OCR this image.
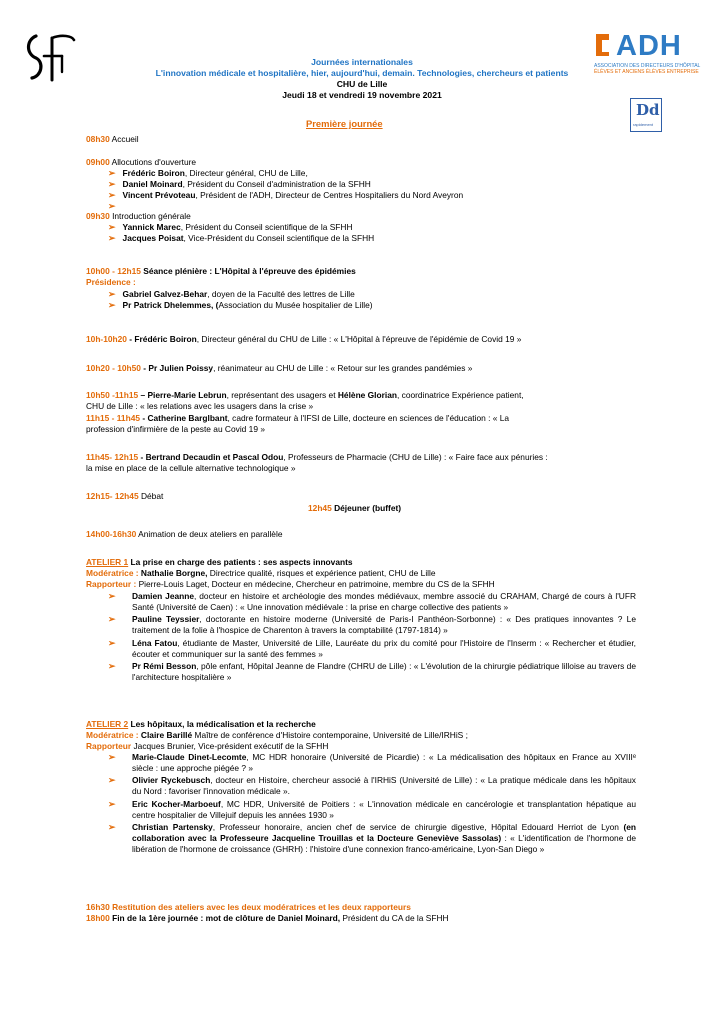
ADH
ASSOCIATION DES DIRECTEURS D'HÔPITAL
ÉLÈVES ET ANCIENS ÉLÈVES ENTREPRISE
Dd
rapidement
Journées internationales
L'innovation médicale et hospitalière, hier, aujourd'hui, demain. Technologies, chercheurs et patients
CHU de Lille
Jeudi 18 et vendredi 19 novembre 2021
Première journée
08h30 Accueil
09h00 Allocutions d'ouverture
➢ Frédéric Boiron, Directeur général, CHU de Lille,
➢ Daniel Moinard, Président du Conseil d'administration de la SFHH
➢ Vincent Prévoteau, Président de l'ADH, Directeur de Centres Hospitaliers du Nord Aveyron
➢
09h30 Introduction générale
➢ Yannick Marec, Président du Conseil scientifique de la SFHH
➢ Jacques Poisat, Vice-Président du Conseil scientifique de la SFHH
10h00 - 12h15 Séance plénière : L'Hôpital à l'épreuve des épidémies
Présidence :
➢ Gabriel Galvez-Behar, doyen de la Faculté des lettres de Lille
➢ Pr Patrick Dhelemmes, (Association du Musée hospitalier de Lille)
10h-10h20 - Frédéric Boiron, Directeur général du CHU de Lille : « L'Hôpital à l'épreuve de l'épidémie de Covid 19 »
10h20 - 10h50 - Pr Julien Poissy, réanimateur au CHU de Lille : « Retour sur les grandes pandémies »
10h50 -11h15 – Pierre-Marie Lebrun, représentant des usagers et Hélène Glorian, coordinatrice Expérience patient,
CHU de Lille : « les relations avec les usagers dans la crise »
11h15 - 11h45 - Catherine Barglbant, cadre formateur à l'IFSI de Lille, docteure en sciences de l'éducation : « La
profession d'infirmière de la peste au Covid 19 »
11h45- 12h15 - Bertrand Decaudin et Pascal Odou, Professeurs de Pharmacie (CHU de Lille) : « Faire face aux pénuries :
la mise en place de la cellule alternative technologique »
12h15- 12h45 Débat
12h45 Déjeuner (buffet)
14h00-16h30 Animation de deux ateliers en parallèle
ATELIER 1 La prise en charge des patients : ses aspects innovants
Modératrice : Nathalie Borgne, Directrice qualité, risques et expérience patient, CHU de Lille
Rapporteur : Pierre-Louis Laget, Docteur en médecine, Chercheur en patrimoine, membre du CS de la SFHH
➢ Damien Jeanne, docteur en histoire et archéologie des mondes médiévaux, membre associé du CRAHAM, Chargé de cours à l'UFR Santé (Université de Caen) : « Une innovation médiévale : la prise en charge collective des patients »
➢ Pauline Teyssier, doctorante en histoire moderne (Université de Paris-I Panthéon-Sorbonne) : « Des pratiques innovantes ? Le traitement de la folie à l'hospice de Charenton à travers la comptabilité (1797-1814) »
➢ Léna Fatou, étudiante de Master, Université de Lille, Lauréate du prix du comité pour l'Histoire de l'Inserm : « Rechercher et étudier, écouter et communiquer sur la santé des femmes »
➢ Pr Rémi Besson, pôle enfant, Hôpital Jeanne de Flandre (CHRU de Lille) : « L'évolution de la chirurgie pédiatrique lilloise au travers de l'architecture hospitalière »
ATELIER 2 Les hôpitaux, la médicalisation et la recherche
Modératrice : Claire Barillé Maître de conférence d'Histoire contemporaine, Université de Lille/IRHiS ;
Rapporteur Jacques Brunier, Vice-président exécutif de la SFHH
➢ Marie-Claude Dinet-Lecomte, MC HDR honoraire (Université de Picardie) : « La médicalisation des hôpitaux en France au XVIIIᵉ siècle : une approche piégée ? »
➢ Olivier Ryckebusch, docteur en Histoire, chercheur associé à l'IRHiS (Université de Lille) : « La pratique médicale dans les hôpitaux du Nord : favoriser l'innovation médicale ».
➢ Eric Kocher-Marboeuf, MC HDR, Université de Poitiers : « L'innovation médicale en cancérologie et transplantation hépatique au centre hospitalier de Villejuif depuis les années 1930 »
➢ Christian Partensky, Professeur honoraire, ancien chef de service de chirurgie digestive, Hôpital Edouard Herriot de Lyon (en collaboration avec la Professeure Jacqueline Trouillas et la Docteure Geneviève Sassolas) : « L'identification de l'hormone de libération de l'hormone de croissance (GHRH) : l'histoire d'une connexion franco-américaine, Lyon-San Diego »
16h30 Restitution des ateliers avec les deux modératrices et les deux rapporteurs
18h00 Fin de la 1ère journée : mot de clôture de Daniel Moinard, Président du CA de la SFHH
